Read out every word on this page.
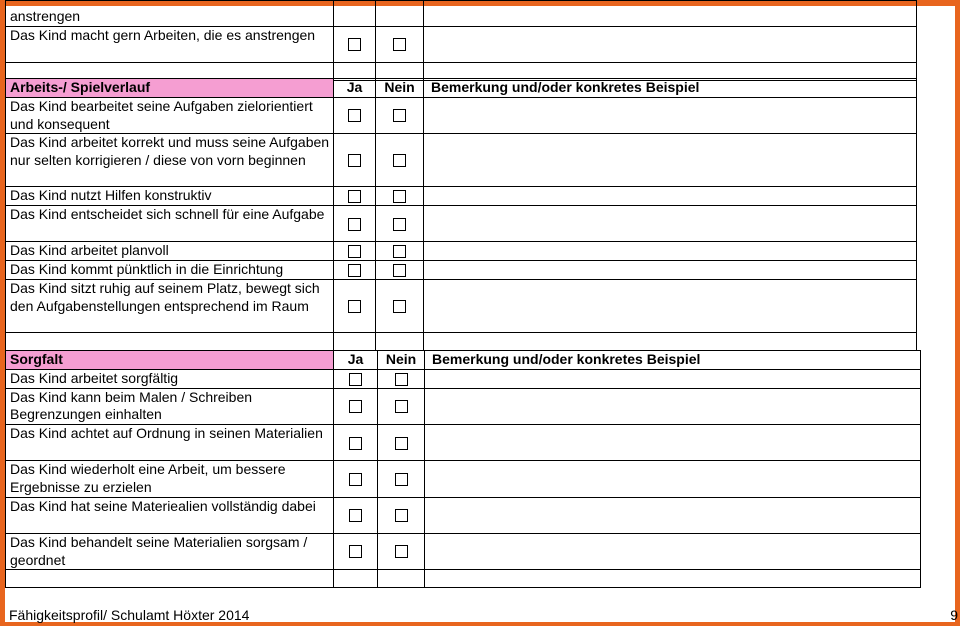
anstrengen			
Das Kind macht gern Arbeiten, die es anstrengen			

Arbeits-/ Spielverlauf	Ja	Nein	Bemerkung und/oder konkretes Beispiel
Das Kind bearbeitet seine Aufgaben zielorientiert und konsequent			
Das Kind arbeitet korrekt und muss seine Aufgaben nur selten korrigieren / diese von vorn beginnen			
Das Kind nutzt Hilfen konstruktiv			
Das Kind entscheidet sich schnell für eine Aufgabe			
Das Kind arbeitet planvoll			
Das Kind kommt pünktlich in die Einrichtung			
Das Kind sitzt ruhig auf seinem Platz, bewegt sich den Aufgabenstellungen entsprechend im Raum			

Sorgfalt	Ja	Nein	Bemerkung und/oder konkretes Beispiel
Das Kind arbeitet sorgfältig			
Das Kind kann beim Malen / Schreiben Begrenzungen einhalten			
Das Kind achtet auf Ordnung in seinen Materialien			
Das Kind wiederholt eine Arbeit, um bessere Ergebnisse zu erzielen			
Das Kind hat seine Materiealien vollständig dabei			
Das Kind behandelt seine Materialien sorgsam / geordnet			

Fähigkeitsprofil/ Schulamt Höxter 2014	9
